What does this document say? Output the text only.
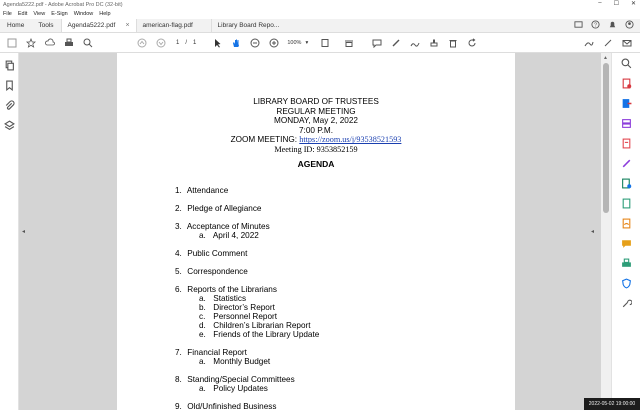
Agenda5222.pdf - Adobe Acrobat Pro DC (32-bit)	– ☐ ✕
File Edit View E-Sign Window Help
Home	Tools	Agenda5222.pdf × american-flag.pdf	Library Board Repo...	?
1 / 1	100% ▾
◂	◂
LIBRARY BOARD OF TRUSTEES
REGULAR MEETING
MONDAY, May 2, 2022
7:00 P.M.
ZOOM MEETING: https://zoom.us/j/93538521593
Meeting ID: 9353852159
AGENDA
1. Attendance
2. Pledge of Allegiance
3. Acceptance of Minutes
a. April 4, 2022
4. Public Comment
5. Correspondence
6. Reports of the Librarians
a. Statistics
b. Director’s Report
c. Personnel Report
d. Children’s Librarian Report
e. Friends of the Library Update
7. Financial Report
a. Monthly Budget
8. Standing/Special Committees
a. Policy Updates
9. Old/Unfinished Business
▲
2022-05-02 19:00:00
